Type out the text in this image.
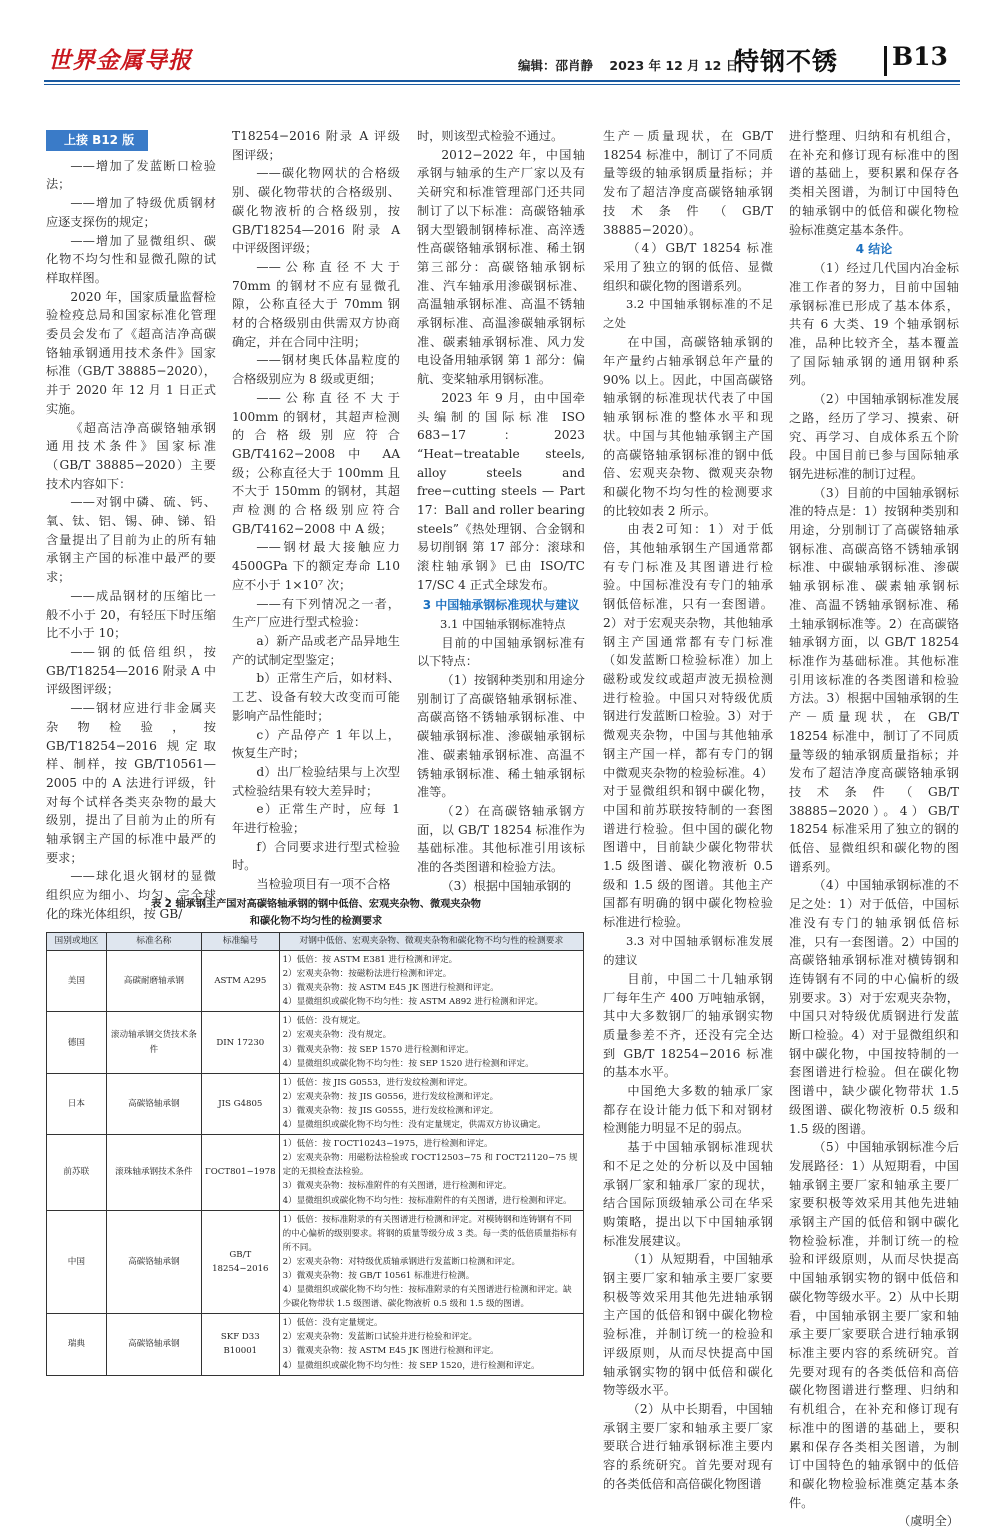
世界金属导报	编辑：邵肖静 2023 年 12 月 12 日
特钢不锈 B13
上接 B12 版

——增加了发蓝断口检验法；

——增加了特级优质钢材应逐支探伤的规定；

——增加了显微组织、碳化物不均匀性和显微孔隙的试样取样图。

2020 年，国家质量监督检验检疫总局和国家标准化管理委员会发布了《超高洁净高碳铬轴承钢通用技术条件》国家标准（GB/T 38885−2020），并于 2020 年 12 月 1 日正式实施。

《超高洁净高碳铬轴承钢通用技术条件》国家标准（GB/T 38885−2020）主要技术内容如下：

——对钢中磷、硫、钙、氧、钛、铝、锡、砷、锑、铅含量提出了目前为止的所有轴承钢主产国的标准中最严的要求；

——成品钢材的压缩比一般不小于 20，有轻压下时压缩比不小于 10；

——钢的低倍组织，按 GB/T18254—2016 附录 A 中评级图评级；

——钢材应进行非金属夹杂物检验，按 GB/T18254−2016 规定取样、制样，按 GB/T10561—2005 中的 A 法进行评级，针对每个试样各类夹杂物的最大级别，提出了目前为止的所有轴承钢主产国的标准中最严的要求；

——球化退火钢材的显微组织应为细小、均匀、完全球化的珠光体组织，按 GB/

T18254−2016 附录 A 评级图评级；

——碳化物网状的合格级别、碳化物带状的合格级别、碳化物液析的合格级别，按 GB/T18254—2016 附录 A 中评级图评级；

——公称直径不大于 70mm 的钢材不应有显微孔隙，公称直径大于 70mm 钢材的合格级别由供需双方协商确定，并在合同中注明；

——钢材奥氏体晶粒度的合格级别应为 8 级或更细；

——公称直径不大于 100mm 的钢材，其超声检测的合格级别应符合 GB/T4162−2008 中 AA 级；公称直径大于 100mm 且不大于 150mm 的钢材，其超声检测的合格级别应符合 GB/T4162−2008 中 A 级；

——钢材最大接触应力 4500GPa 下的额定寿命 L10 应不小于 1×10⁷ 次；

——有下列情况之一者，生产厂应进行型式检验：

a）新产品或老产品异地生产的试制定型鉴定；

b）正常生产后，如材料、工艺、设备有较大改变而可能影响产品性能时；

c）产品停产 1 年以上，恢复生产时；

d）出厂检验结果与上次型式检验结果有较大差异时；

e）正常生产时，应每 1 年进行检验；

f）合同要求进行型式检验时。

当检验项目有一项不合格

时，则该型式检验不通过。

2012−2022 年，中国轴承钢与轴承的生产厂家以及有关研究和标准管理部门还共同制订了以下标准：高碳铬轴承钢大型锻制钢棒标准、高淬透性高碳铬轴承钢标准、稀土钢第三部分：高碳铬轴承钢标准、汽车轴承用渗碳钢标准、高温轴承钢标准、高温不锈轴承钢标准、高温渗碳轴承钢标准、碳素轴承钢标准、风力发电设备用轴承钢 第 1 部分：偏航、变桨轴承用钢标准。

2023 年 9 月，由中国牵头编制的国际标准 ISO 683−17：2023 “Heat−treatable steels, alloy steels and free−cutting steels — Part 17：Ball and roller bearing steels”《热处理钢、合金钢和易切削钢 第 17 部分：滚球和滚柱轴承钢》已由 ISO/TC 17/SC 4 正式全球发布。

3 中国轴承钢标准现状与建议
3.1 中国轴承钢标准特点

目前的中国轴承钢标准有以下特点：

（1）按钢种类别和用途分别制订了高碳铬轴承钢标准、高碳高铬不锈轴承钢标准、中碳轴承钢标准、渗碳轴承钢标准、碳素轴承钢标准、高温不锈轴承钢标准、稀土轴承钢标准等。

（2）在高碳铬轴承钢方面，以 GB/T 18254 标准作为基础标准。其他标准引用该标准的各类图谱和检验方法。

（3）根据中国轴承钢的

生产－质量现状，在 GB/T 18254 标准中，制订了不同质量等级的轴承钢质量指标；并发布了超洁净度高碳铬轴承钢技术条件（GB/T 38885−2020）。

（4）GB/T 18254 标准采用了独立的钢的低倍、显微组织和碳化物的图谱系列。

3.2 中国轴承钢标准的不足之处

在中国，高碳铬轴承钢的年产量约占轴承钢总年产量的 90% 以上。因此，中国高碳铬轴承钢的标准现状代表了中国轴承钢标准的整体水平和现状。中国与其他轴承钢主产国的高碳铬轴承钢标准的钢中低倍、宏观夹杂物、微观夹杂物和碳化物不均匀性的检测要求的比较如表 2 所示。

由表2可知：1）对于低倍，其他轴承钢生产国通常都有专门标准及其图谱进行检验。中国标准没有专门的轴承钢低倍标准，只有一套图谱。2）对于宏观夹杂物，其他轴承钢主产国通常都有专门标准（如发蓝断口检验标准）加上磁粉或发纹或超声波无损检测进行检验。中国只对特级优质钢进行发蓝断口检验。3）对于微观夹杂物，中国与其他轴承钢主产国一样，都有专门的钢中微观夹杂物的检验标准。4）对于显微组织和钢中碳化物，中国和前苏联按特制的一套图谱进行检验。但中国的碳化物图谱中，目前缺少碳化物带状 1.5 级图谱、碳化物液析 0.5 级和 1.5 级的图谱。其他主产国都有明确的钢中碳化物检验标准进行检验。

3.3 对中国轴承钢标准发展的建议

目前，中国二十几轴承钢厂每年生产 400 万吨轴承钢，其中大多数钢厂的轴承钢实物质量参差不齐，还没有完全达到 GB/T 18254−2016 标准的基本水平。

中国绝大多数的轴承厂家都存在设计能力低下和对钢材检测能力明显不足的弱点。

基于中国轴承钢标准现状和不足之处的分析以及中国轴承钢厂家和轴承厂家的现状，结合国际顶级轴承公司在华采购策略，提出以下中国轴承钢标准发展建议。

（1）从短期看，中国轴承钢主要厂家和轴承主要厂家要积极等效采用其他先进轴承钢主产国的低倍和钢中碳化物检验标准，并制订统一的检验和评级原则，从而尽快提高中国轴承钢实物的钢中低倍和碳化物等级水平。

（2）从中长期看，中国轴承钢主要厂家和轴承主要厂家要联合进行轴承钢标准主要内容的系统研究。首先要对现有的各类低倍和高倍碳化物图谱

进行整理、归纳和有机组合，在补充和修订现有标准中的图谱的基础上，要积累和保存各类相关图谱，为制订中国特色的轴承钢中的低倍和碳化物检验标准奠定基本条件。

4 结论

（1）经过几代国内冶金标准工作者的努力，目前中国轴承钢标准已形成了基本体系，共有 6 大类、19 个轴承钢标准，品种比较齐全，基本覆盖了国际轴承钢的通用钢种系列。

（2）中国轴承钢标准发展之路，经历了学习、摸索、研究、再学习、自成体系五个阶段。中国目前已参与国际轴承钢先进标准的制订过程。

（3）目前的中国轴承钢标准的特点是：1）按钢种类别和用途，分别制订了高碳铬轴承钢标准、高碳高铬不锈轴承钢标准、中碳轴承钢标准、渗碳轴承钢标准、碳素轴承钢标准、高温不锈轴承钢标准、稀土轴承钢标准等。2）在高碳铬轴承钢方面，以 GB/T 18254 标准作为基础标准。其他标准引用该标准的各类图谱和检验方法。3）根据中国轴承钢的生产－质量现状，在 GB/T 18254 标准中，制订了不同质量等级的轴承钢质量指标；并发布了超洁净度高碳铬轴承钢技术条件（GB/T 38885−2020）。4）GB/T 18254 标准采用了独立的钢的低倍、显微组织和碳化物的图谱系列。

（4）中国轴承钢标准的不足之处：1）对于低倍，中国标准没有专门的轴承钢低倍标准，只有一套图谱。2）中国的高碳铬轴承钢标准对横铸钢和连铸钢有不同的中心偏析的级别要求。3）对于宏观夹杂物，中国只对特级优质钢进行发蓝断口检验。4）对于显微组织和钢中碳化物，中国按特制的一套图谱进行检验。但在碳化物图谱中，缺少碳化物带状 1.5 级图谱、碳化物液析 0.5 级和 1.5 级的图谱。

（5）中国轴承钢标准今后发展路径：1）从短期看，中国轴承钢主要厂家和轴承主要厂家要积极等效采用其他先进轴承钢主产国的低倍和钢中碳化物检验标准，并制订统一的检验和评级原则，从而尽快提高中国轴承钢实物的钢中低倍和碳化物等级水平。2）从中长期看，中国轴承钢主要厂家和轴承主要厂家要联合进行轴承钢标准主要内容的系统研究。首先要对现有的各类低倍和高倍碳化物图谱进行整理、归纳和有机组合，在补充和修订现有标准中的图谱的基础上，要积累和保存各类相关图谱，为制订中国特色的轴承钢中的低倍和碳化物检验标准奠定基本条件。

（虞明全）
表 2 轴承钢主产国对高碳铬轴承钢的钢中低倍、宏观夹杂物、微观夹杂物
和碳化物不均匀性的检测要求
国别或地区	标准名称	标准编号	对钢中低倍、宏观夹杂物、微观夹杂物和碳化物不均匀性的检测要求
美国	高碳耐磨轴承钢	ASTM A295	1）低倍：按 ASTM E381 进行检测和评定。
2）宏观夹杂物：按磁粉法进行检测和评定。
3）微观夹杂物：按 ASTM E45 JK 图进行检测和评定。
4）显微组织或碳化物不均匀性：按 ASTM A892 进行检测和评定。

德国	滚动轴承钢交货技术条件	DIN 17230	1）低倍：没有规定。
2）宏观夹杂物：没有规定。
3）微观夹杂物：按 SEP 1570 进行检测和评定。
4）显微组织或碳化物不均匀性：按 SEP 1520 进行检测和评定。

日本	高碳铬轴承钢	JIS G4805	1）低倍：按 JIS G0553，进行发纹检测和评定。
2）宏观夹杂物：按 JIS G0556，进行发纹检测和评定。
3）微观夹杂物：按 JIS G0555，进行发纹检测和评定。
4）显微组织或碳化物不均匀性：没有定量规定，供需双方协议确定。

前苏联	滚珠轴承钢技术条件	ГОСТ801−1978	1）低倍：按 ГОСТ10243−1975，进行检测和评定。
2）宏观夹杂物：用磁粉法检验或 ГОСТ12503−75 和 ГОСТ21120−75 规定的无损检查法检验。
3）微观夹杂物：按标准附件的有关图谱，进行检测和评定。
4）显微组织或碳化物不均匀性：按标准附件的有关图谱，进行检测和评定。

中国	高碳铬轴承钢	GB/T 18254−2016	1）低倍：按标准附录的有关图谱进行检测和评定。对模铸钢和连铸钢有不同的中心偏析的级别要求。将钢的质量等级分成 3 类。每一类的低倍质量指标有所不同。
2）宏观夹杂物：对特级优质轴承钢进行发蓝断口检测和评定。
3）微观夹杂物：按 GB/T 10561 标准进行检测。
4）显微组织或碳化物不均匀性：按标准附录的有关图谱进行检测和评定。缺少碳化物带状 1.5 级图谱、碳化物液析 0.5 级和 1.5 级的图谱。

瑞典	高碳铬轴承钢	SKF D33 B10001	1）低倍：没有定量规定。
2）宏观夹杂物：发蓝断口试验并进行检验和评定。
3）微观夹杂物：按 ASTM E45 JK 图进行检测和评定。
4）显微组织或碳化物不均匀性：按 SEP 1520，进行检测和评定。
